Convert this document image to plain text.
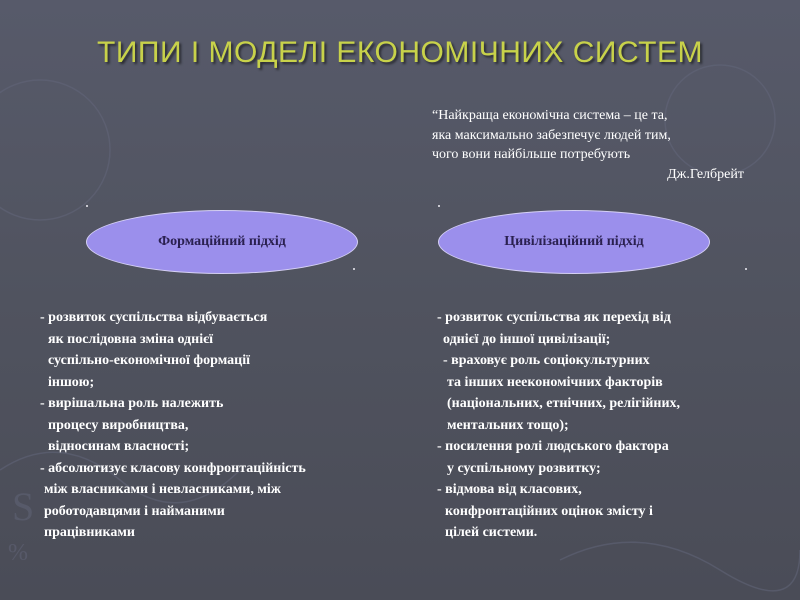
S
%
ТИПИ І МОДЕЛІ ЕКОНОМІЧНИХ СИСТЕМ
“Найкраща економічна система – це та,
яка максимально забезпечує людей тим,
чого вони найбільше потребують
Дж.Гелбрейт
Формаційний підхід	Цивілізаційний підхід
- розвиток суспільства відбувається
як послідовна зміна однієї
суспільно-економічної формації
іншою;
- вирішальна роль належить
процесу виробництва,
відносинам власності;
- абсолютизує класову конфронтаційність
між власниками і невласниками, між
роботодавцями і найманими
працівниками
- розвиток суспільства як перехід від
однієї до іншої цивілізації;
- враховує роль соціокультурних
та інших неекономічних факторів
(національних, етнічних, релігійних,
ментальних тощо);
- посилення ролі людського фактора
у суспільному розвитку;
- відмова від класових,
конфронтаційних оцінок змісту і
цілей системи.
